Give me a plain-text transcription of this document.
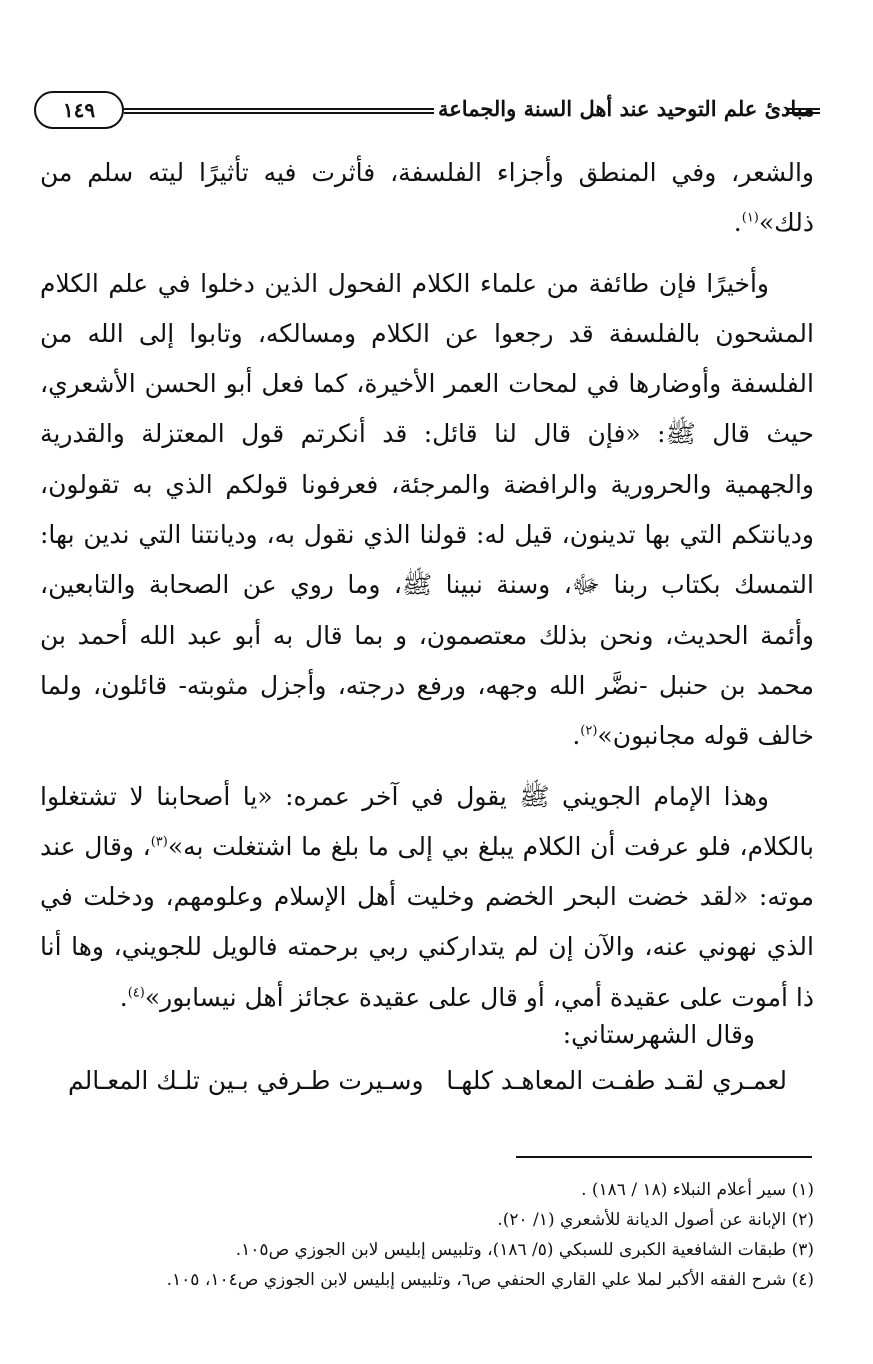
١٤٩	مبادئ علم التوحيد عند أهل السنة والجماعة

والشعر، وفي المنطق وأجزاء الفلسفة، فأثرت فيه تأثيرًا ليته سلم من ذلك»$^{(١)}$.

وأخيرًا فإن طائفة من علماء الكلام الفحول الذين دخلوا في علم الكلام المشحون بالفلسفة قد رجعوا عن الكلام ومسالكه، وتابوا إلى الله من الفلسفة وأوضارها في لمحات العمر الأخيرة، كما فعل أبو الحسن الأشعري، حيث قال ﷺ: «فإن قال لنا قائل: قد أنكرتم قول المعتزلة والقدرية والجهمية والحرورية والرافضة والمرجئة، فعرفونا قولكم الذي به تقولون، وديانتكم التي بها تدينون، قيل له: قولنا الذي نقول به، وديانتنا التي ندين بها: التمسك بكتاب ربنا ﷻ، وسنة نبينا ﷺ، وما روي عن الصحابة والتابعين، وأئمة الحديث، ونحن بذلك معتصمون، و بما قال به أبو عبد الله أحمد بن محمد بن حنبل -نضَّر الله وجهه، ورفع درجته، وأجزل مثوبته- قائلون، ولما خالف قوله مجانبون»$^{(٢)}$.

وهذا الإمام الجويني ﷺ يقول في آخر عمره: «يا أصحابنا لا تشتغلوا بالكلام، فلو عرفت أن الكلام يبلغ بي إلى ما بلغ ما اشتغلت به»$^{(٣)}$، وقال عند موته: «لقد خضت البحر الخضم وخليت أهل الإسلام وعلومهم، ودخلت في الذي نهوني عنه، والآن إن لم يتداركني ربي برحمته فالويل للجويني، وها أنا ذا أموت على عقيدة أمي، أو قال على عقيدة عجائز أهل نيسابور»$^{(٤)}$.

وقال الشهرستاني:
لعمـري لقـد طفـت المعاهـد كلهـا
وسـيرت طـرفي بـين تلـك المعـالم
(١) سير أعلام النبلاء (١٨ / ١٨٦) .
(٢) الإبانة عن أصول الديانة للأشعري (١/ ٢٠).
(٣) طبقات الشافعية الكبرى للسبكي (٥/ ١٨٦)، وتلبيس إبليس لابن الجوزي ص١٠٥.
(٤) شرح الفقه الأكبر لملا علي القاري الحنفي ص٦، وتلبيس إبليس لابن الجوزي ص١٠٤، ١٠٥.
